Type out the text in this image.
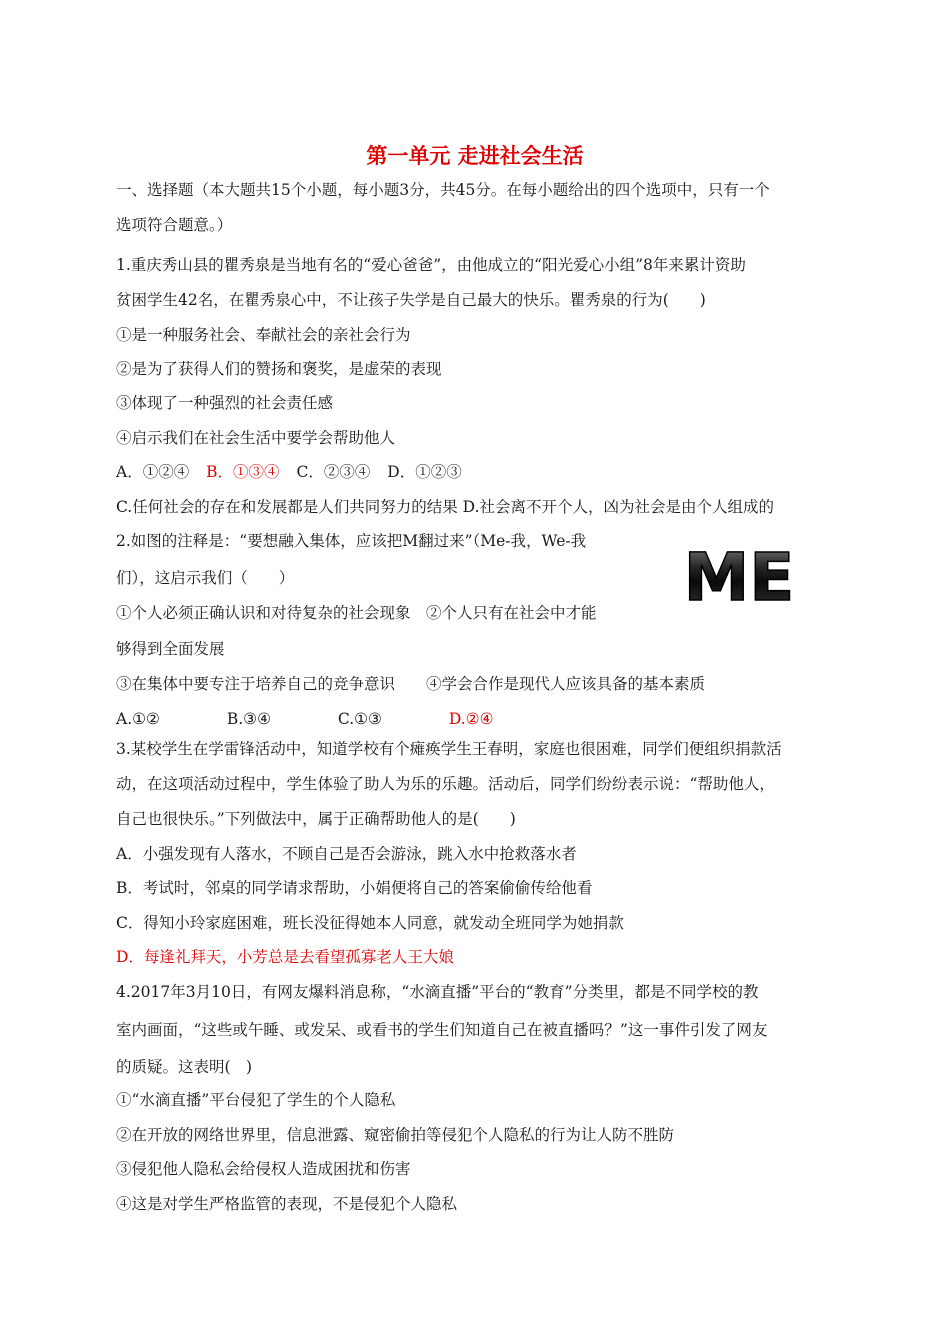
第一单元 走进社会生活
一、选择题（本大题共15个小题，每小题3分，共45分。在每小题给出的四个选项中，只有一个
选项符合题意。）
1.重庆秀山县的瞿秀泉是当地有名的“爱心爸爸”，由他成立的“阳光爱心小组”8年来累计资助
贫困学生42名，在瞿秀泉心中，不让孩子失学是自己最大的快乐。瞿秀泉的行为(　　)
①是一种服务社会、奉献社会的亲社会行为
②是为了获得人们的赞扬和褒奖，是虚荣的表现
③体现了一种强烈的社会责任感
④启示我们在社会生活中要学会帮助他人
A．①②④ B．①③④ C．②③④ D．①②③
C.任何社会的存在和发展都是人们共同努力的结果 D.社会离不开个人，凶为社会是由个人组成的
2.如图的注释是：“要想融入集体，应该把M翻过来”（Me-我，We-我
们），这启示我们（　　）
①个人必须正确认识和对待复杂的社会现象　②个人只有在社会中才能
够得到全面发展
③在集体中要专注于培养自己的竞争意识　　④学会合作是现代人应该具备的基本素质
A.①②	B.③④	C.①③	D.②④
ME
3.某校学生在学雷锋活动中，知道学校有个瘫痪学生王春明，家庭也很困难，同学们便组织捐款活
动，在这项活动过程中，学生体验了助人为乐的乐趣。活动后，同学们纷纷表示说：“帮助他人，
自己也很快乐。”下列做法中，属于正确帮助他人的是(　　)
A．小强发现有人落水，不顾自己是否会游泳，跳入水中抢救落水者
B．考试时，邻桌的同学请求帮助，小娟便将自己的答案偷偷传给他看
C．得知小玲家庭困难，班长没征得她本人同意，就发动全班同学为她捐款
D．每逢礼拜天，小芳总是去看望孤寡老人王大娘
4.2017年3月10日，有网友爆料消息称，“水滴直播”平台的“教育”分类里，都是不同学校的教
室内画面，“这些或午睡、或发呆、或看书的学生们知道自己在被直播吗？”这一事件引发了网友
的质疑。这表明(　)
①“水滴直播”平台侵犯了学生的个人隐私
②在开放的网络世界里，信息泄露、窥密偷拍等侵犯个人隐私的行为让人防不胜防
③侵犯他人隐私会给侵权人造成困扰和伤害
④这是对学生严格监管的表现，不是侵犯个人隐私
